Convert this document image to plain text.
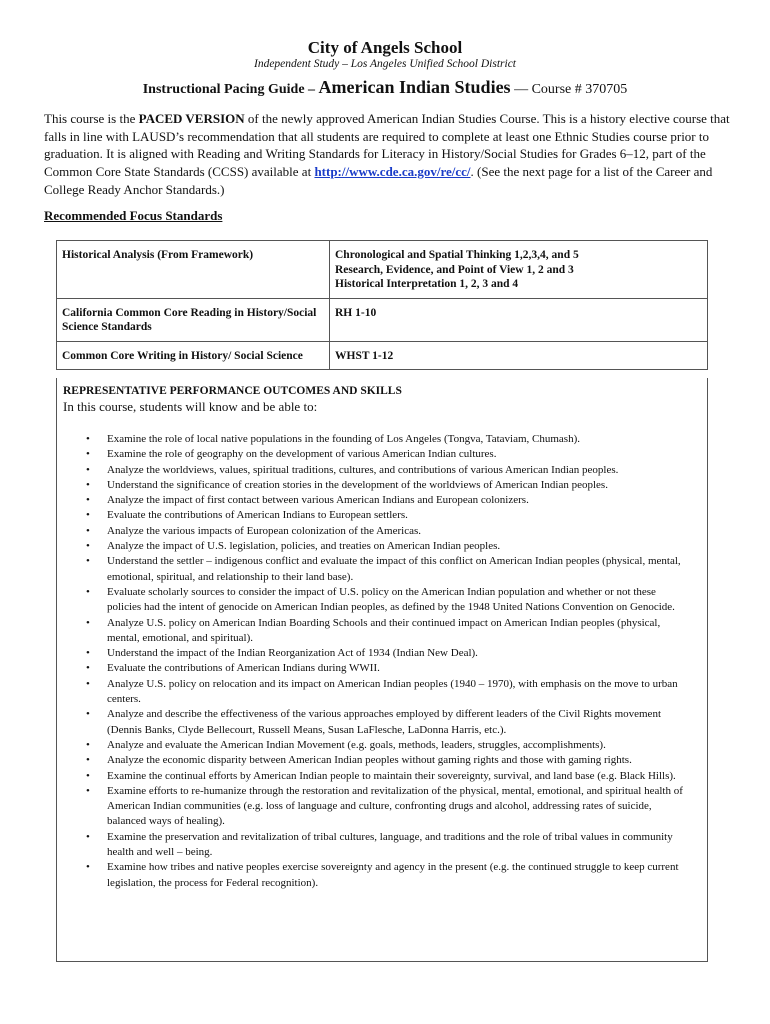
City of Angels School
Independent Study – Los Angeles Unified School District
Instructional Pacing Guide – American Indian Studies — Course # 370705
This course is the PACED VERSION of the newly approved American Indian Studies Course. This is a history elective course that falls in line with LAUSD’s recommendation that all students are required to complete at least one Ethnic Studies course prior to graduation. It is aligned with Reading and Writing Standards for Literacy in History/Social Studies for Grades 6–12, part of the Common Core State Standards (CCSS) available at http://www.cde.ca.gov/re/cc/. (See the next page for a list of the Career and College Ready Anchor Standards.)
Recommended Focus Standards
Historical Analysis (From Framework)	Chronological and Spatial Thinking 1,2,3,4, and 5
Research, Evidence, and Point of View 1, 2 and 3
Historical Interpretation 1, 2, 3 and 4

California Common Core Reading in History/Social Science Standards	RH 1-10

Common Core Writing in History/ Social Science	WHST 1-12
REPRESENTATIVE PERFORMANCE OUTCOMES AND SKILLS
In this course, students will know and be able to:
• Examine the role of local native populations in the founding of Los Angeles (Tongva, Tataviam, Chumash).
• Examine the role of geography on the development of various American Indian cultures.
• Analyze the worldviews, values, spiritual traditions, cultures, and contributions of various American Indian peoples.
• Understand the significance of creation stories in the development of the worldviews of American Indian peoples.
• Analyze the impact of first contact between various American Indians and European colonizers.
• Evaluate the contributions of American Indians to European settlers.
• Analyze the various impacts of European colonization of the Americas.
• Analyze the impact of U.S. legislation, policies, and treaties on American Indian peoples.
• Understand the settler – indigenous conflict and evaluate the impact of this conflict on American Indian peoples (physical, mental, emotional, spiritual, and relationship to their land base).
• Evaluate scholarly sources to consider the impact of U.S. policy on the American Indian population and whether or not these policies had the intent of genocide on American Indian peoples, as defined by the 1948 United Nations Convention on Genocide.
• Analyze U.S. policy on American Indian Boarding Schools and their continued impact on American Indian peoples (physical, mental, emotional, and spiritual).
• Understand the impact of the Indian Reorganization Act of 1934 (Indian New Deal).
• Evaluate the contributions of American Indians during WWII.
• Analyze U.S. policy on relocation and its impact on American Indian peoples (1940 – 1970), with emphasis on the move to urban centers.
• Analyze and describe the effectiveness of the various approaches employed by different leaders of the Civil Rights movement (Dennis Banks, Clyde Bellecourt, Russell Means, Susan LaFlesche, LaDonna Harris, etc.).
• Analyze and evaluate the American Indian Movement (e.g. goals, methods, leaders, struggles, accomplishments).
• Analyze the economic disparity between American Indian peoples without gaming rights and those with gaming rights.
• Examine the continual efforts by American Indian people to maintain their sovereignty, survival, and land base (e.g. Black Hills).
• Examine efforts to re-humanize through the restoration and revitalization of the physical, mental, emotional, and spiritual health of American Indian communities (e.g. loss of language and culture, confronting drugs and alcohol, addressing rates of suicide, balanced ways of healing).
• Examine the preservation and revitalization of tribal cultures, language, and traditions and the role of tribal values in community health and well – being.
• Examine how tribes and native peoples exercise sovereignty and agency in the present (e.g. the continued struggle to keep current legislation, the process for Federal recognition).
